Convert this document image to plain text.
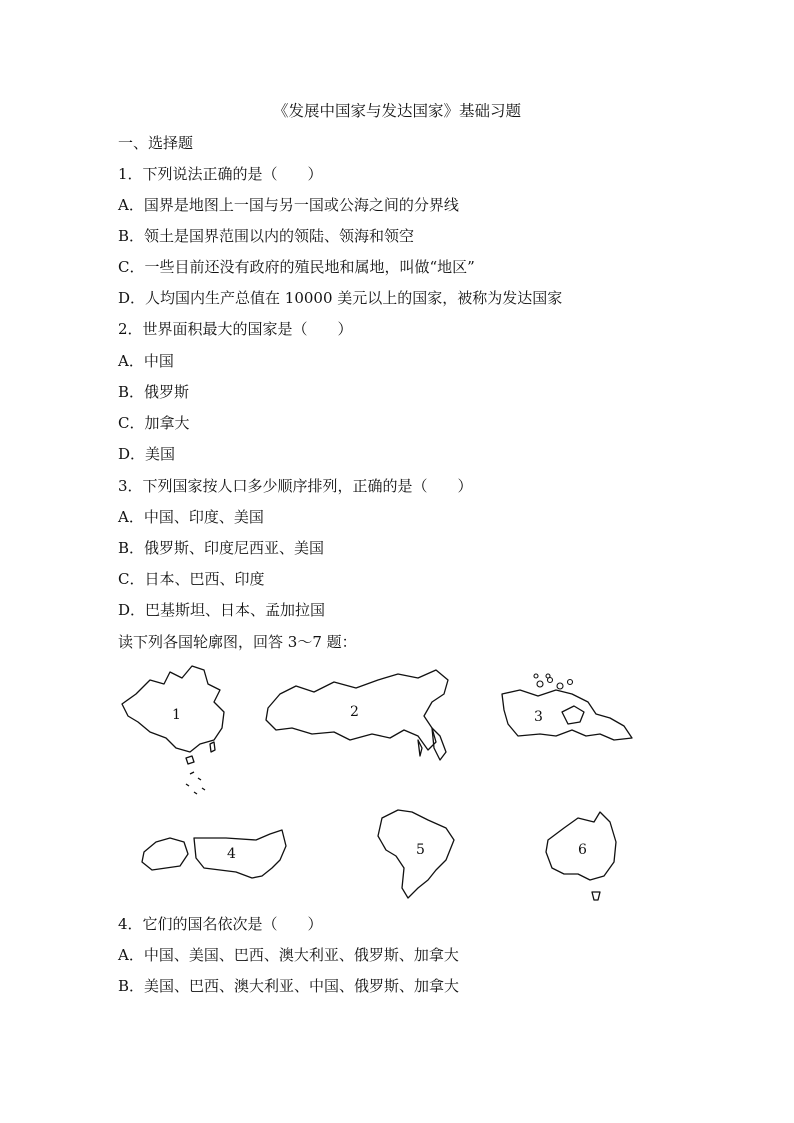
《发展中国家与发达国家》基础习题
一、选择题
1．下列说法正确的是（　　）
A．国界是地图上一国与另一国或公海之间的分界线
B．领土是国界范围以内的领陆、领海和领空
C．一些目前还没有政府的殖民地和属地，叫做“地区”
D．人均国内生产总值在 10000 美元以上的国家，被称为发达国家
2．世界面积最大的国家是（　　）
A．中国
B．俄罗斯
C．加拿大
D．美国
3．下列国家按人口多少顺序排列，正确的是（　　）
A．中国、印度、美国
B．俄罗斯、印度尼西亚、美国
C．日本、巴西、印度
D．巴基斯坦、日本、孟加拉国
读下列各国轮廓图，回答 3～7 题：
1	2	3
4	5	6
4．它们的国名依次是（　　）
A．中国、美国、巴西、澳大利亚、俄罗斯、加拿大
B．美国、巴西、澳大利亚、中国、俄罗斯、加拿大
